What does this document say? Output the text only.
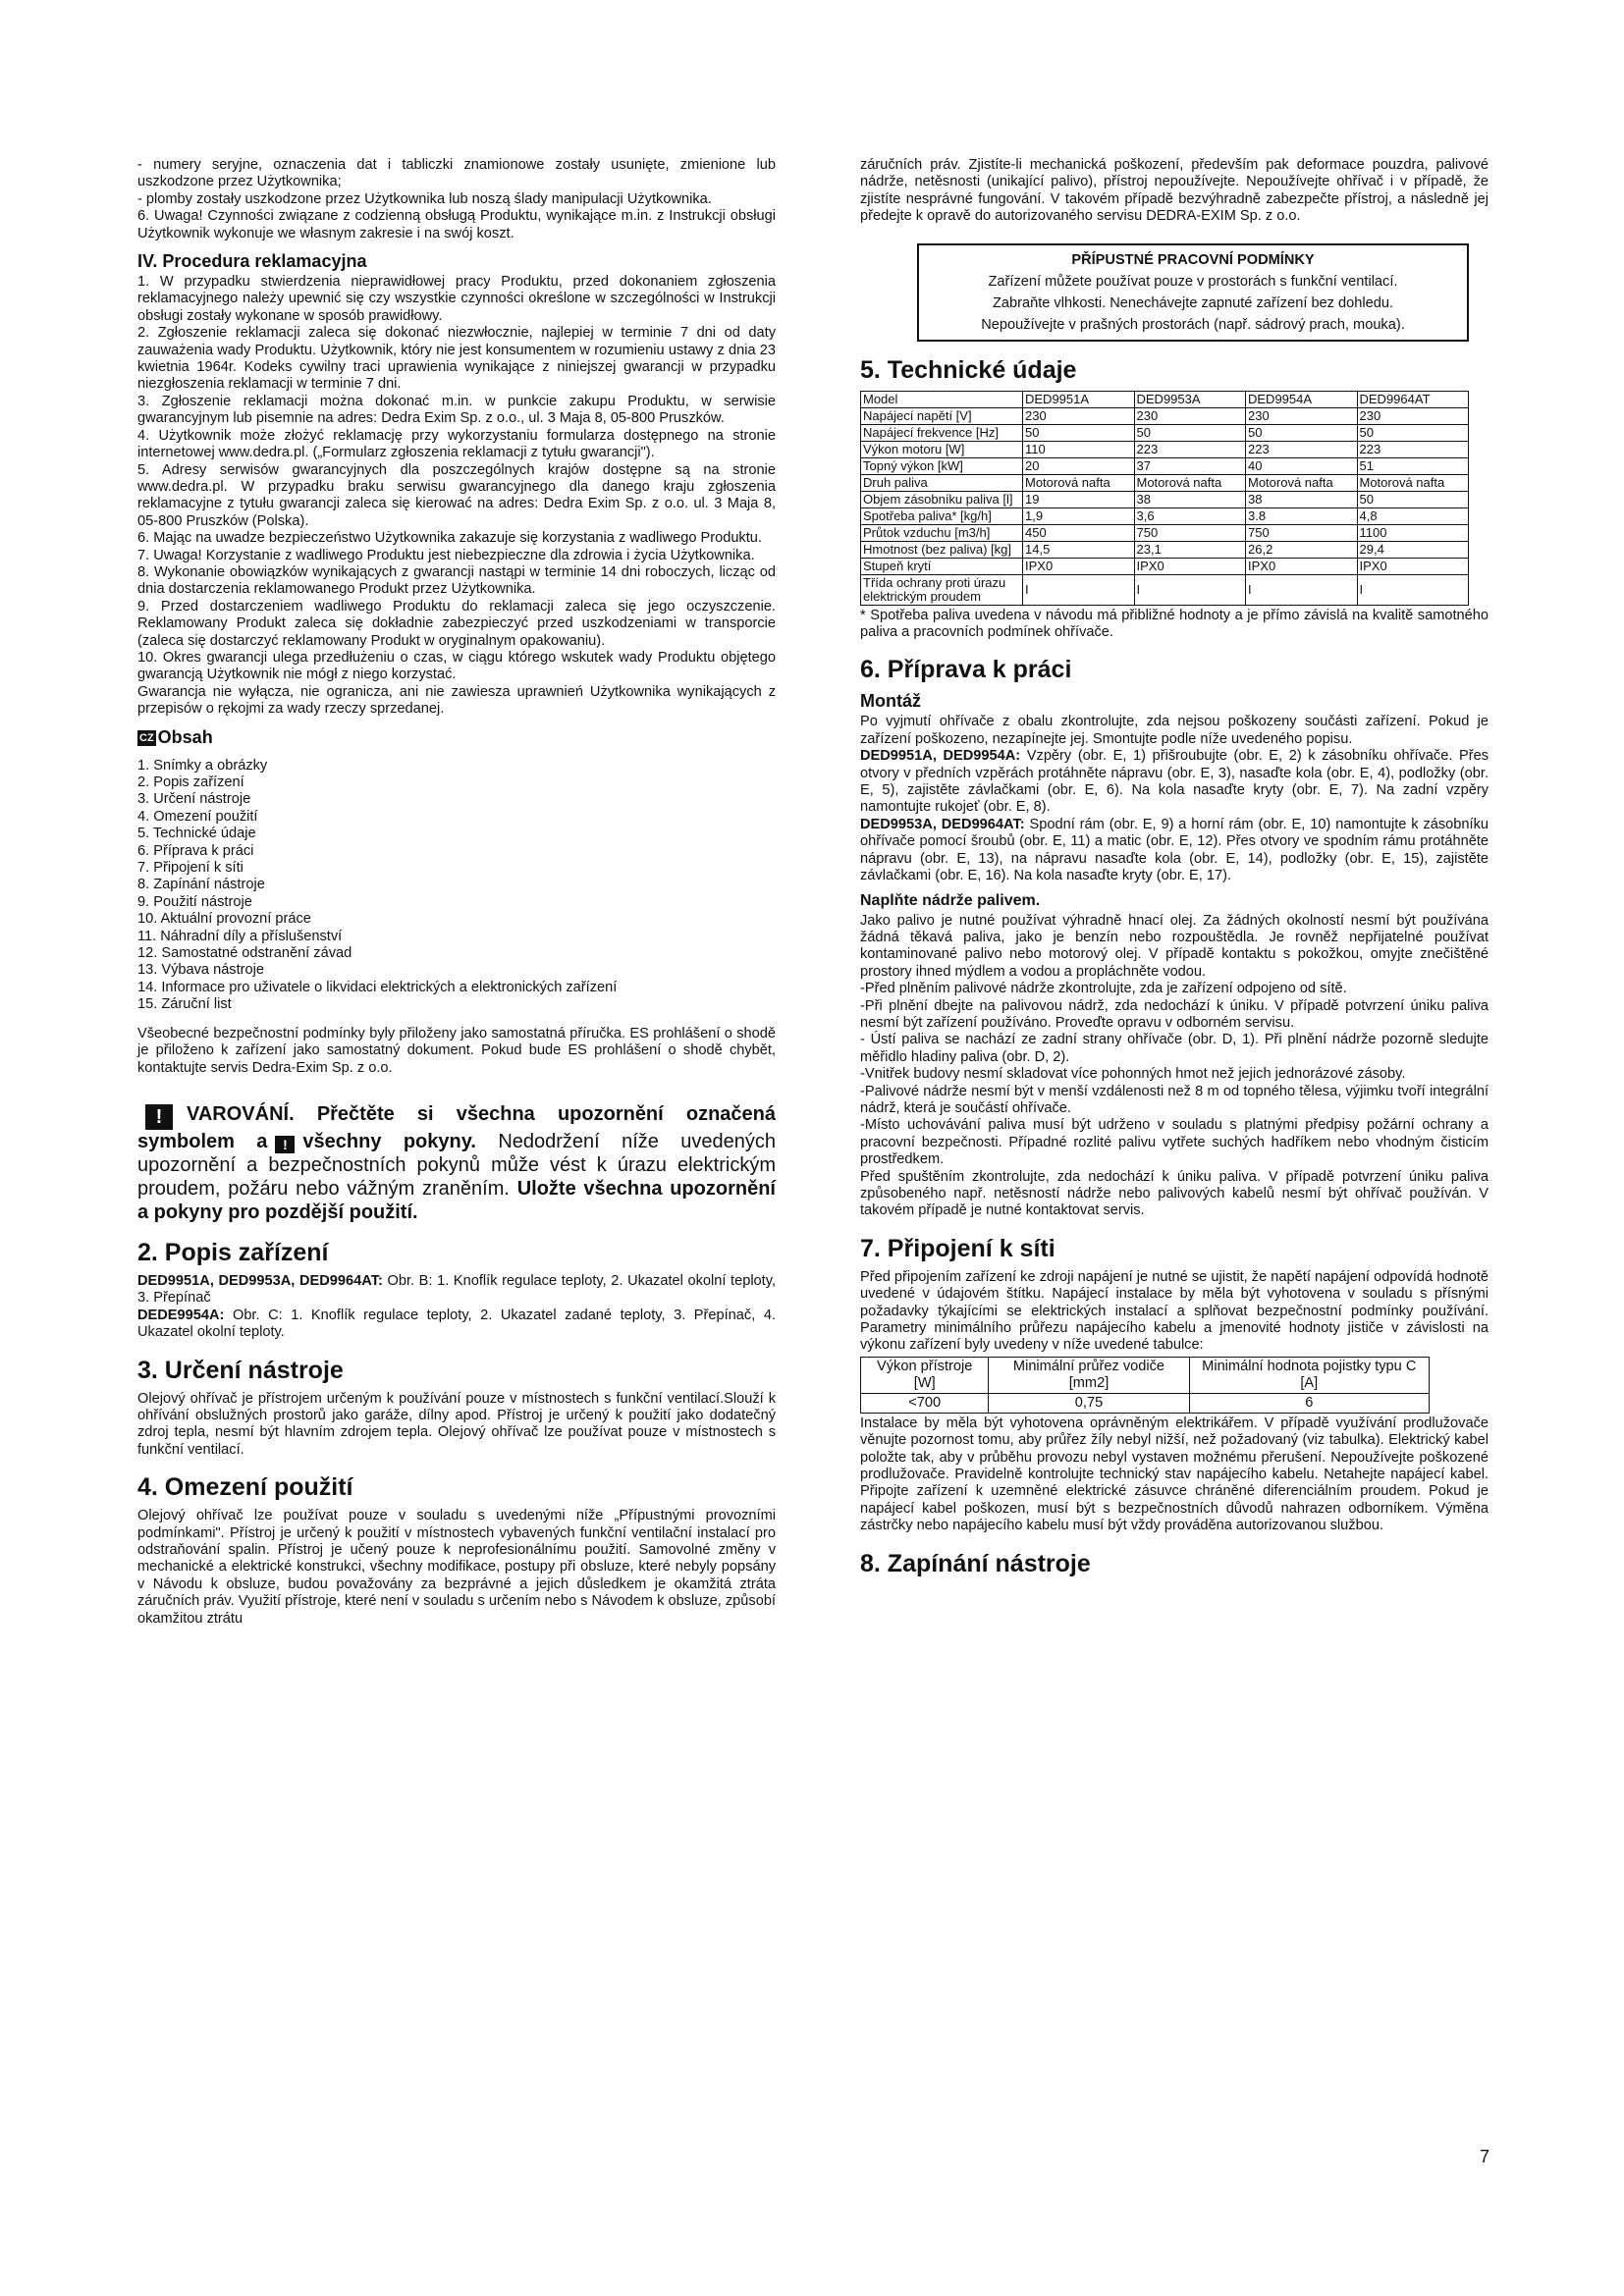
- numery seryjne, oznaczenia dat i tabliczki znamionowe zostały usunięte, zmienione lub uszkodzone przez Użytkownika;

- plomby zostały uszkodzone przez Użytkownika lub noszą ślady manipulacji Użytkownika.

6. Uwaga! Czynności związane z codzienną obsługą Produktu, wynikające m.in. z Instrukcji obsługi Użytkownik wykonuje we własnym zakresie i na swój koszt.

IV. Procedura reklamacyjna

1. W przypadku stwierdzenia nieprawidłowej pracy Produktu, przed dokonaniem zgłoszenia reklamacyjnego należy upewnić się czy wszystkie czynności określone w szczególności w Instrukcji obsługi zostały wykonane w sposób prawidłowy.

2. Zgłoszenie reklamacji zaleca się dokonać niezwłocznie, najlepiej w terminie 7 dni od daty zauważenia wady Produktu. Użytkownik, który nie jest konsumentem w rozumieniu ustawy z dnia 23 kwietnia 1964r. Kodeks cywilny traci uprawienia wynikające z niniejszej gwarancji w przypadku niezgłoszenia reklamacji w terminie 7 dni.

3. Zgłoszenie reklamacji można dokonać m.in. w punkcie zakupu Produktu, w serwisie gwarancyjnym lub pisemnie na adres: Dedra Exim Sp. z o.o., ul. 3 Maja 8, 05-800 Pruszków.

4. Użytkownik może złożyć reklamację przy wykorzystaniu formularza dostępnego na stronie internetowej www.dedra.pl. („Formularz zgłoszenia reklamacji z tytułu gwarancji").

5. Adresy serwisów gwarancyjnych dla poszczególnych krajów dostępne są na stronie www.dedra.pl. W przypadku braku serwisu gwarancyjnego dla danego kraju zgłoszenia reklamacyjne z tytułu gwarancji zaleca się kierować na adres: Dedra Exim Sp. z o.o. ul. 3 Maja 8, 05-800 Pruszków (Polska).

6. Mając na uwadze bezpieczeństwo Użytkownika zakazuje się korzystania z wadliwego Produktu.

7. Uwaga! Korzystanie z wadliwego Produktu jest niebezpieczne dla zdrowia i życia Użytkownika.

8. Wykonanie obowiązków wynikających z gwarancji nastąpi w terminie 14 dni roboczych, licząc od dnia dostarczenia reklamowanego Produkt przez Użytkownika.

9. Przed dostarczeniem wadliwego Produktu do reklamacji zaleca się jego oczyszczenie. Reklamowany Produkt zaleca się dokładnie zabezpieczyć przed uszkodzeniami w transporcie (zaleca się dostarczyć reklamowany Produkt w oryginalnym opakowaniu).

10. Okres gwarancji ulega przedłużeniu o czas, w ciągu którego wskutek wady Produktu objętego gwarancją Użytkownik nie mógł z niego korzystać.

Gwarancja nie wyłącza, nie ogranicza, ani nie zawiesza uprawnień Użytkownika wynikających z przepisów o rękojmi za wady rzeczy sprzedanej.

CZ Obsah
1. Snímky a obrázky
2. Popis zařízení
3. Určení nástroje
4. Omezení použití
5. Technické údaje
6. Příprava k práci
7. Připojení k síti
8. Zapínání nástroje
9. Použití nástroje
10. Aktuální provozní práce
11. Náhradní díly a příslušenství
12. Samostatné odstranění závad
13. Výbava nástroje
14. Informace pro uživatele o likvidaci elektrických a elektronických zařízení
15. Záruční list

Všeobecné bezpečnostní podmínky byly přiloženy jako samostatná příručka. ES prohlášení o shodě je přiloženo k zařízení jako samostatný dokument. Pokud bude ES prohlášení o shodě chybět, kontaktujte servis Dedra-Exim Sp. z o.o.

! VAROVÁNÍ. Přečtěte si všechna upozornění označená symbolem a ! všechny pokyny. Nedodržení níže uvedených upozornění a bezpečnostních pokynů může vést k úrazu elektrickým proudem, požáru nebo vážným zraněním. Uložte všechna upozornění a pokyny pro pozdější použití.
2. Popis zařízení

DED9951A, DED9953A, DED9964AT: Obr. B: 1. Knoflík regulace teploty, 2. Ukazatel okolní teploty, 3. Přepínač

DEDE9954A: Obr. C: 1. Knoflík regulace teploty, 2. Ukazatel zadané teploty, 3. Přepínač, 4. Ukazatel okolní teploty.

3. Určení nástroje

Olejový ohřívač je přístrojem určeným k používání pouze v místnostech s funkční ventilací.Slouží k ohřívání obslužných prostorů jako garáže, dílny apod. Přístroj je určený k použití jako dodatečný zdroj tepla, nesmí být hlavním zdrojem tepla. Olejový ohřívač lze používat pouze v místnostech s funkční ventilací.

4. Omezení použití

Olejový ohřívač lze používat pouze v souladu s uvedenými níže „Přípustnými provozními podmínkami". Přístroj je určený k použití v místnostech vybavených funkční ventilační instalací pro odstraňování spalin. Přístroj je učený pouze k neprofesionálnímu použití. Samovolné změny v mechanické a elektrické konstrukci, všechny modifikace, postupy při obsluze, které nebyly popsány v Návodu k obsluze, budou považovány za bezprávné a jejich důsledkem je okamžitá ztráta záručních práv. Využití přístroje, které není v souladu s určením nebo s Návodem k obsluze, způsobí okamžitou ztrátu

záručních práv. Zjistíte-li mechanická poškození, především pak deformace pouzdra, palivové nádrže, netěsnosti (unikající palivo), přístroj nepoužívejte. Nepoužívejte ohřívač i v případě, že zjistíte nesprávné fungování. V takovém případě bezvýhradně zabezpečte přístroj, a následně jej předejte k opravě do autorizovaného servisu DEDRA-EXIM Sp. z o.o.

PŘÍPUSTNÉ PRACOVNÍ PODMÍNKY
Zařízení můžete používat pouze v prostorách s funkční ventilací.
Zabraňte vlhkosti. Nenechávejte zapnuté zařízení bez dohledu.
Nepoužívejte v prašných prostorách (např. sádrový prach, mouka).
5. Technické údaje
Model	DED9951A	DED9953A	DED9954A	DED9964AT
Napájecí napětí [V]	230	230	230	230
Napájecí frekvence [Hz]	50	50	50	50
Výkon motoru [W]	110	223	223	223
Topný výkon [kW]	20	37	40	51
Druh paliva	Motorová nafta	Motorová nafta	Motorová nafta	Motorová nafta
Objem zásobníku paliva [l]	19	38	38	50
Spotřeba paliva* [kg/h]	1,9	3,6	3.8	4,8
Průtok vzduchu [m3/h]	450	750	750	1100
Hmotnost (bez paliva) [kg]	14,5	23,1	26,2	29,4
Stupeň krytí	IPX0	IPX0	IPX0	IPX0
Třída ochrany proti úrazu elektrickým proudem	I	I	I	I

* Spotřeba paliva uvedena v návodu má přibližné hodnoty a je přímo závislá na kvalitě samotného paliva a pracovních podmínek ohřívače.

6. Příprava k práci
Montáž

Po vyjmutí ohřívače z obalu zkontrolujte, zda nejsou poškozeny součásti zařízení. Pokud je zařízení poškozeno, nezapínejte jej. Smontujte podle níže uvedeného popisu.

DED9951A, DED9954A: Vzpěry (obr. E, 1) přišroubujte (obr. E, 2) k zásobníku ohřívače. Přes otvory v předních vzpěrách protáhněte nápravu (obr. E, 3), nasaďte kola (obr. E, 4), podložky (obr. E, 5), zajistěte závlačkami (obr. E, 6). Na kola nasaďte kryty (obr. E, 7). Na zadní vzpěry namontujte rukojeť (obr. E, 8).

DED9953A, DED9964AT: Spodní rám (obr. E, 9) a horní rám (obr. E, 10) namontujte k zásobníku ohřívače pomocí šroubů (obr. E, 11) a matic (obr. E, 12). Přes otvory ve spodním rámu protáhněte nápravu (obr. E, 13), na nápravu nasaďte kola (obr. E, 14), podložky (obr. E, 15), zajistěte závlačkami (obr. E, 16). Na kola nasaďte kryty (obr. E, 17).

Naplňte nádrže palivem.

Jako palivo je nutné používat výhradně hnací olej. Za žádných okolností nesmí být používána žádná těkavá paliva, jako je benzín nebo rozpouštědla. Je rovněž nepřijatelné používat kontaminované palivo nebo motorový olej. V případě kontaktu s pokožkou, omyjte znečištěné prostory ihned mýdlem a vodou a propláchněte vodou.

-Před plněním palivové nádrže zkontrolujte, zda je zařízení odpojeno od sítě.

-Při plnění dbejte na palivovou nádrž, zda nedochází k úniku. V případě potvrzení úniku paliva nesmí být zařízení používáno. Proveďte opravu v odborném servisu.

- Ústí paliva se nachází ze zadní strany ohřívače (obr. D, 1). Při plnění nádrže pozorně sledujte měřidlo hladiny paliva (obr. D, 2).

-Vnitřek budovy nesmí skladovat více pohonných hmot než jejich jednorázové zásoby.

-Palivové nádrže nesmí být v menší vzdálenosti než 8 m od topného tělesa, výjimku tvoří integrální nádrž, která je součástí ohřívače.

-Místo uchovávání paliva musí být udrženo v souladu s platnými předpisy požární ochrany a pracovní bezpečnosti. Případné rozlité palivu vytřete suchých hadříkem nebo vhodným čisticím prostředkem.

Před spuštěním zkontrolujte, zda nedochází k úniku paliva. V případě potvrzení úniku paliva způsobeného např. netěsností nádrže nebo palivových kabelů nesmí být ohřívač používán. V takovém případě je nutné kontaktovat servis.

7. Připojení k síti

Před připojením zařízení ke zdroji napájení je nutné se ujistit, že napětí napájení odpovídá hodnotě uvedené v údajovém štítku. Napájecí instalace by měla být vyhotovena v souladu s přísnými požadavky týkajícími se elektrických instalací a splňovat bezpečnostní podmínky používání. Parametry minimálního průřezu napájecího kabelu a jmenovité hodnoty jističe v závislosti na výkonu zařízení byly uvedeny v níže uvedené tabulce:

Výkon přístroje [W]	Minimální průřez vodiče [mm2]	Minimální hodnota pojistky typu C [A]
<700	0,75	6

Instalace by měla být vyhotovena oprávněným elektrikářem. V případě využívání prodlužovače věnujte pozornost tomu, aby průřez žíly nebyl nižší, než požadovaný (viz tabulka). Elektrický kabel položte tak, aby v průběhu provozu nebyl vystaven možnému přerušení. Nepoužívejte poškozené prodlužovače. Pravidelně kontrolujte technický stav napájecího kabelu. Netahejte napájecí kabel. Připojte zařízení k uzemněné elektrické zásuvce chráněné diferenciálním proudem. Pokud je napájecí kabel poškozen, musí být s bezpečnostních důvodů nahrazen odborníkem. Výměna zástrčky nebo napájecího kabelu musí být vždy prováděna autorizovanou službou.

8. Zapínání nástroje
7
